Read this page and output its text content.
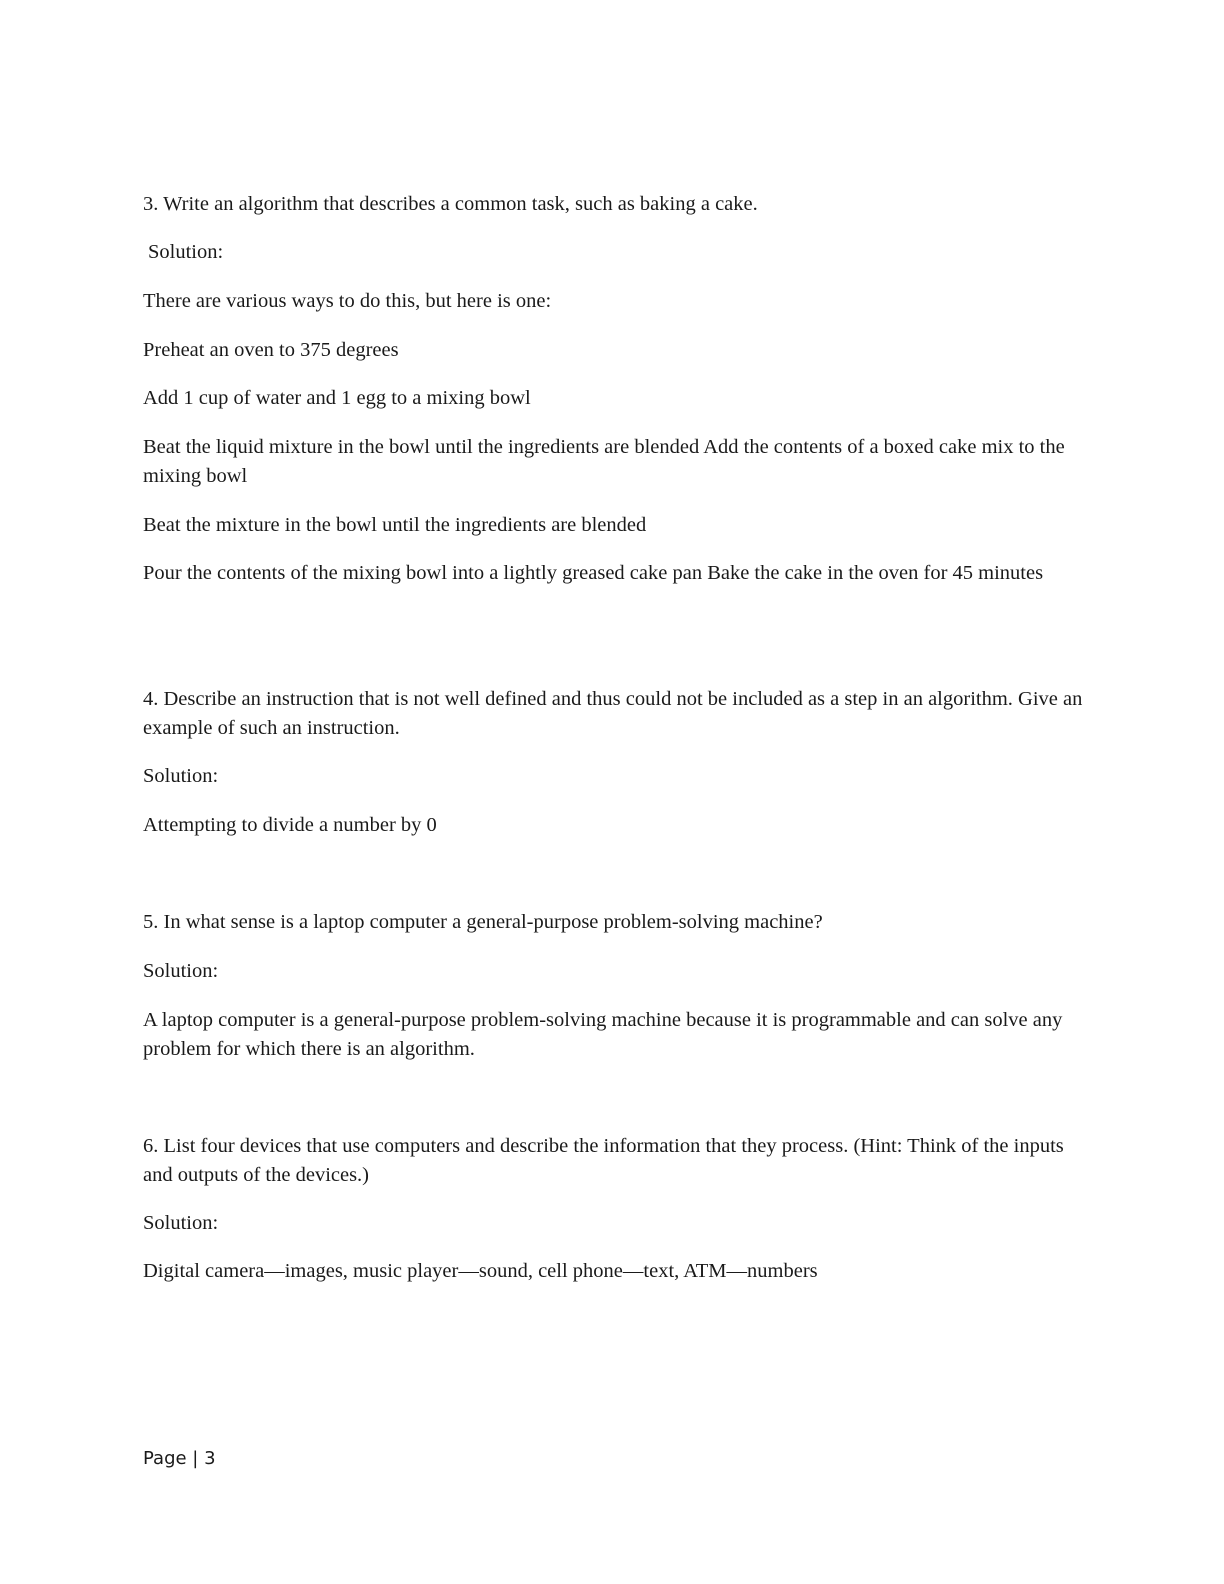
3. Write an algorithm that describes a common task, such as baking a cake.

Solution:

There are various ways to do this, but here is one:

Preheat an oven to 375 degrees

Add 1 cup of water and 1 egg to a mixing bowl

Beat the liquid mixture in the bowl until the ingredients are blended Add the contents of a boxed cake mix to the mixing bowl

Beat the mixture in the bowl until the ingredients are blended

Pour the contents of the mixing bowl into a lightly greased cake pan Bake the cake in the oven for 45 minutes

4. Describe an instruction that is not well defined and thus could not be included as a step in an algorithm. Give an example of such an instruction.

Solution:

Attempting to divide a number by 0

5. In what sense is a laptop computer a general-purpose problem-solving machine?

Solution:

A laptop computer is a general-purpose problem-solving machine because it is programmable and can solve any problem for which there is an algorithm.

6. List four devices that use computers and describe the information that they process. (Hint: Think of the inputs and outputs of the devices.)

Solution:

Digital camera—images, music player—sound, cell phone—text, ATM—numbers

Page | 3
